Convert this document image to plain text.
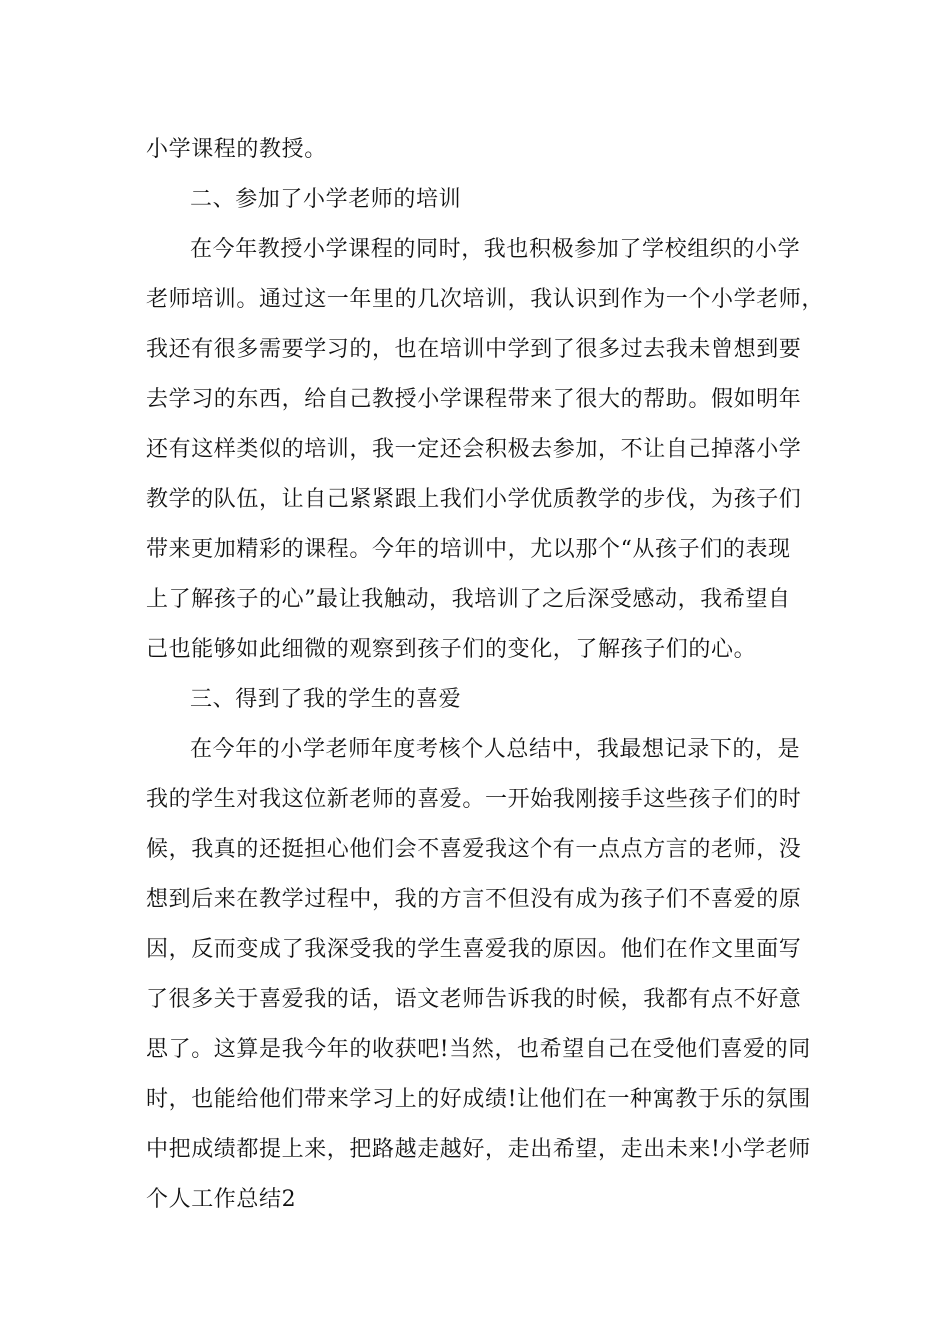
小学课程的教授。
二、参加了小学老师的培训
在今年教授小学课程的同时，我也积极参加了学校组织的小学
老师培训。通过这一年里的几次培训，我认识到作为一个小学老师，
我还有很多需要学习的，也在培训中学到了很多过去我未曾想到要
去学习的东西，给自己教授小学课程带来了很大的帮助。假如明年
还有这样类似的培训，我一定还会积极去参加，不让自己掉落小学
教学的队伍，让自己紧紧跟上我们小学优质教学的步伐，为孩子们
带来更加精彩的课程。今年的培训中，尤以那个“从孩子们的表现
上了解孩子的心”最让我触动，我培训了之后深受感动，我希望自
己也能够如此细微的观察到孩子们的变化，了解孩子们的心。
三、得到了我的学生的喜爱
在今年的小学老师年度考核个人总结中，我最想记录下的，是
我的学生对我这位新老师的喜爱。一开始我刚接手这些孩子们的时
候，我真的还挺担心他们会不喜爱我这个有一点点方言的老师，没
想到后来在教学过程中，我的方言不但没有成为孩子们不喜爱的原
因，反而变成了我深受我的学生喜爱我的原因。他们在作文里面写
了很多关于喜爱我的话，语文老师告诉我的时候，我都有点不好意
思了。这算是我今年的收获吧!当然，也希望自己在受他们喜爱的同
时，也能给他们带来学习上的好成绩!让他们在一种寓教于乐的氛围
中把成绩都提上来，把路越走越好，走出希望，走出未来!小学老师
个人工作总结2
